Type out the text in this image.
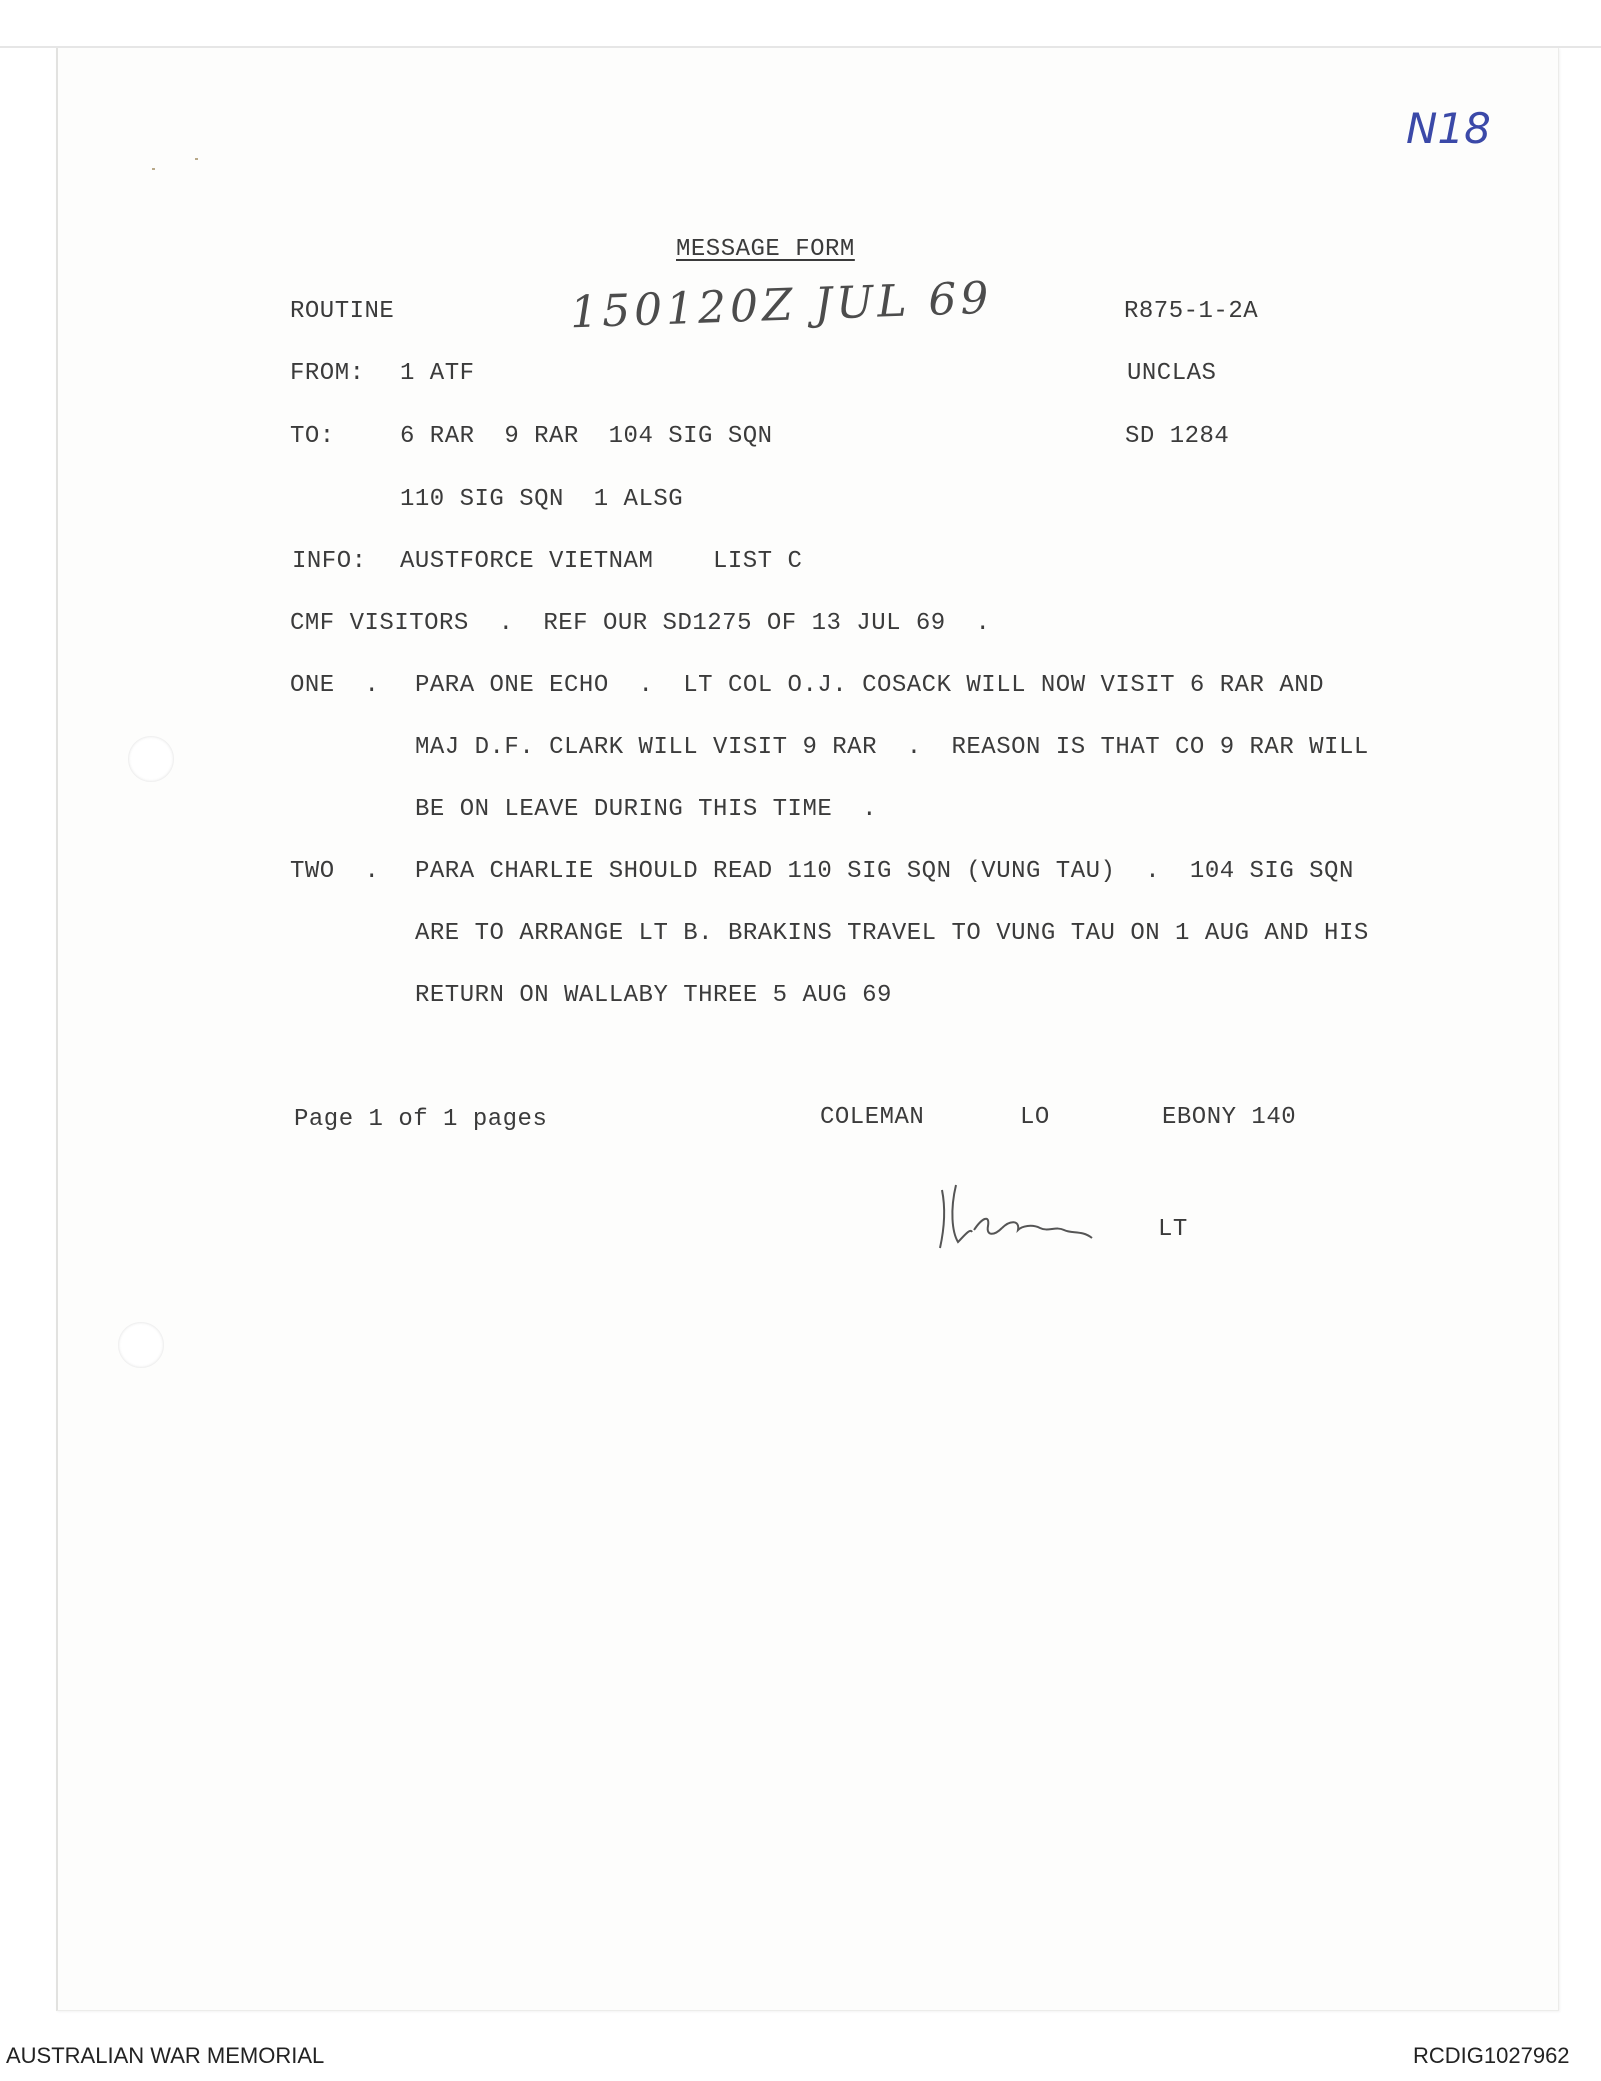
N18
MESSAGE FORM
ROUTINE	150120Z JUL 69	R875-1-2A
FROM: 1 ATF	UNCLAS
TO:	6 RAR  9 RAR  104 SIG SQN	SD 1284
110 SIG SQN  1 ALSG
INFO: AUSTFORCE VIETNAM    LIST C
CMF VISITORS  .  REF OUR SD1275 OF 13 JUL 69  .
ONE  . PARA ONE ECHO  .  LT COL O.J. COSACK WILL NOW VISIT 6 RAR AND
MAJ D.F. CLARK WILL VISIT 9 RAR  .  REASON IS THAT CO 9 RAR WILL
BE ON LEAVE DURING THIS TIME  .
TWO  . PARA CHARLIE SHOULD READ 110 SIG SQN (VUNG TAU)  .  104 SIG SQN
ARE TO ARRANGE LT B. BRAKINS TRAVEL TO VUNG TAU ON 1 AUG AND HIS
RETURN ON WALLABY THREE 5 AUG 69
Page 1 of 1 pages	COLEMAN	LO	EBONY 140
LT
AUSTRALIAN WAR MEMORIAL	RCDIG1027962
